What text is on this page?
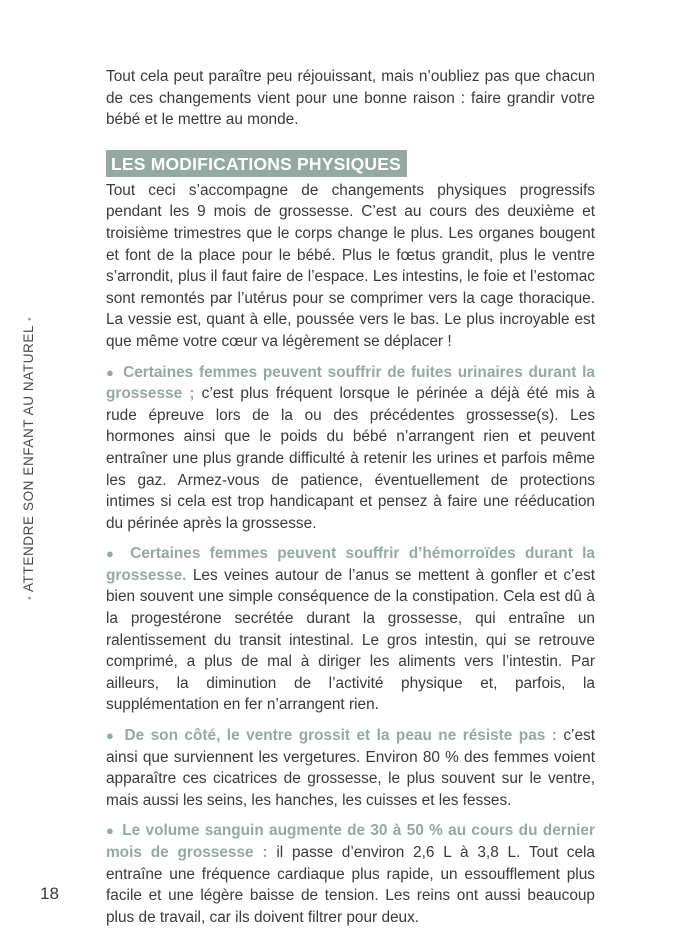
• ATTENDRE SON ENFANT AU NATUREL •

Tout cela peut paraître peu réjouissant, mais n’oubliez pas que chacun de ces changements vient pour une bonne raison : faire grandir votre bébé et le mettre au monde.

LES MODIFICATIONS PHYSIQUES

Tout ceci s’accompagne de changements physiques progressifs pendant les 9 mois de grossesse. C’est au cours des deuxième et troisième trimestres que le corps change le plus. Les organes bougent et font de la place pour le bébé. Plus le fœtus grandit, plus le ventre s’arrondit, plus il faut faire de l’espace. Les intestins, le foie et l’estomac sont remontés par l’utérus pour se comprimer vers la cage thoracique. La vessie est, quant à elle, poussée vers le bas. Le plus incroyable est que même votre cœur va légèrement se déplacer !

● Certaines femmes peuvent souffrir de fuites urinaires durant la grossesse ; c’est plus fréquent lorsque le périnée a déjà été mis à rude épreuve lors de la ou des précédentes grossesse(s). Les hormones ainsi que le poids du bébé n’arrangent rien et peuvent entraîner une plus grande difficulté à retenir les urines et parfois même les gaz. Armez-vous de patience, éventuellement de protections intimes si cela est trop handicapant et pensez à faire une rééducation du périnée après la grossesse.

● Certaines femmes peuvent souffrir d’hémorroïdes durant la grossesse. Les veines autour de l’anus se mettent à gonfler et c’est bien souvent une simple conséquence de la constipation. Cela est dû à la progestérone secrétée durant la grossesse, qui entraîne un ralentissement du transit intestinal. Le gros intestin, qui se retrouve comprimé, a plus de mal à diriger les aliments vers l’intestin. Par ailleurs, la diminution de l’activité physique et, parfois, la supplémentation en fer n’arrangent rien.

● De son côté, le ventre grossit et la peau ne résiste pas : c’est ainsi que surviennent les vergetures. Environ 80 % des femmes voient apparaître ces cicatrices de grossesse, le plus souvent sur le ventre, mais aussi les seins, les hanches, les cuisses et les fesses.

● Le volume sanguin augmente de 30 à 50 % au cours du dernier mois de grossesse : il passe d’environ 2,6 L à 3,8 L. Tout cela entraîne une fréquence cardiaque plus rapide, un essoufflement plus facile et une légère baisse de tension. Les reins ont aussi beaucoup plus de travail, car ils doivent filtrer pour deux.

18
